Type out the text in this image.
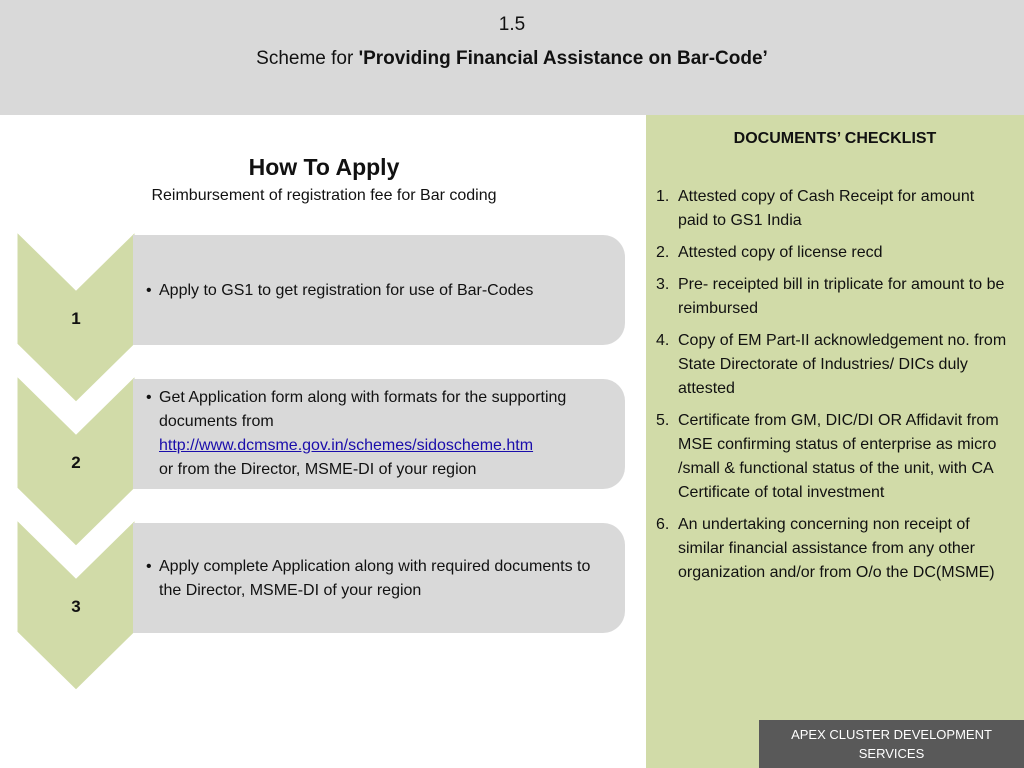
1.5
Scheme for 'Providing Financial Assistance on Bar-Code’
DOCUMENTS’ CHECKLIST
1. Attested copy of Cash Receipt for amount paid to GS1 India
2. Attested copy of license recd
3. Pre- receipted bill in triplicate for amount to be reimbursed
4. Copy of EM Part-II acknowledgement no. from State Directorate of Industries/ DICs duly attested
5. Certificate from GM, DIC/DI OR Affidavit from MSE confirming status of enterprise as micro /small & functional status of the unit, with CA Certificate of total investment
6. An undertaking concerning non receipt of similar financial assistance from any other organization and/or from O/o the DC(MSME)
How To Apply
Reimbursement of registration fee for Bar coding
1
• Apply to GS1 to get registration for use of Bar-Codes
2
• Get Application form along with formats for the supporting documents from
http://www.dcmsme.gov.in/schemes/sidoscheme.htm
or from the Director, MSME-DI of your region
3
• Apply complete Application along with required documents to the Director, MSME-DI of your region
APEX CLUSTER DEVELOPMENT SERVICES
